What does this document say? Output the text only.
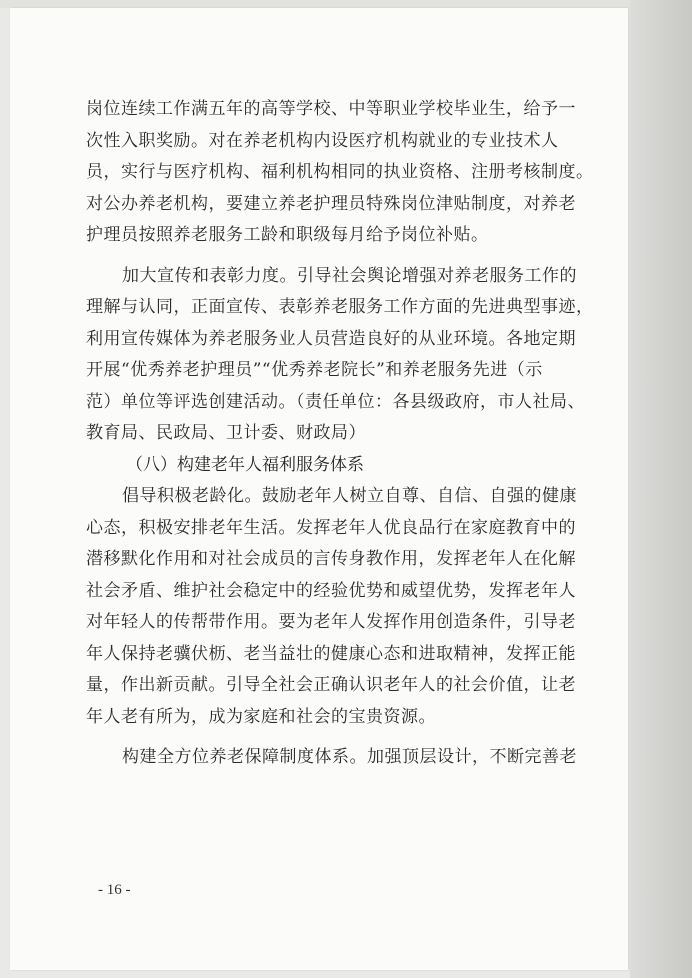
岗位连续工作满五年的高等学校、中等职业学校毕业生，给予一
次性入职奖励。对在养老机构内设医疗机构就业的专业技术人
员，实行与医疗机构、福利机构相同的执业资格、注册考核制度。
对公办养老机构，要建立养老护理员特殊岗位津贴制度，对养老
护理员按照养老服务工龄和职级每月给予岗位补贴。
加大宣传和表彰力度。引导社会舆论增强对养老服务工作的
理解与认同，正面宣传、表彰养老服务工作方面的先进典型事迹，
利用宣传媒体为养老服务业人员营造良好的从业环境。各地定期
开展“优秀养老护理员”“优秀养老院长”和养老服务先进（示
范）单位等评选创建活动。（责任单位：各县级政府，市人社局、
教育局、民政局、卫计委、财政局）
（八）构建老年人福利服务体系
倡导积极老龄化。鼓励老年人树立自尊、自信、自强的健康
心态，积极安排老年生活。发挥老年人优良品行在家庭教育中的
潜移默化作用和对社会成员的言传身教作用，发挥老年人在化解
社会矛盾、维护社会稳定中的经验优势和威望优势，发挥老年人
对年轻人的传帮带作用。要为老年人发挥作用创造条件，引导老
年人保持老骥伏枥、老当益壮的健康心态和进取精神，发挥正能
量，作出新贡献。引导全社会正确认识老年人的社会价值，让老
年人老有所为，成为家庭和社会的宝贵资源。
构建全方位养老保障制度体系。加强顶层设计，不断完善老
- 16 -
